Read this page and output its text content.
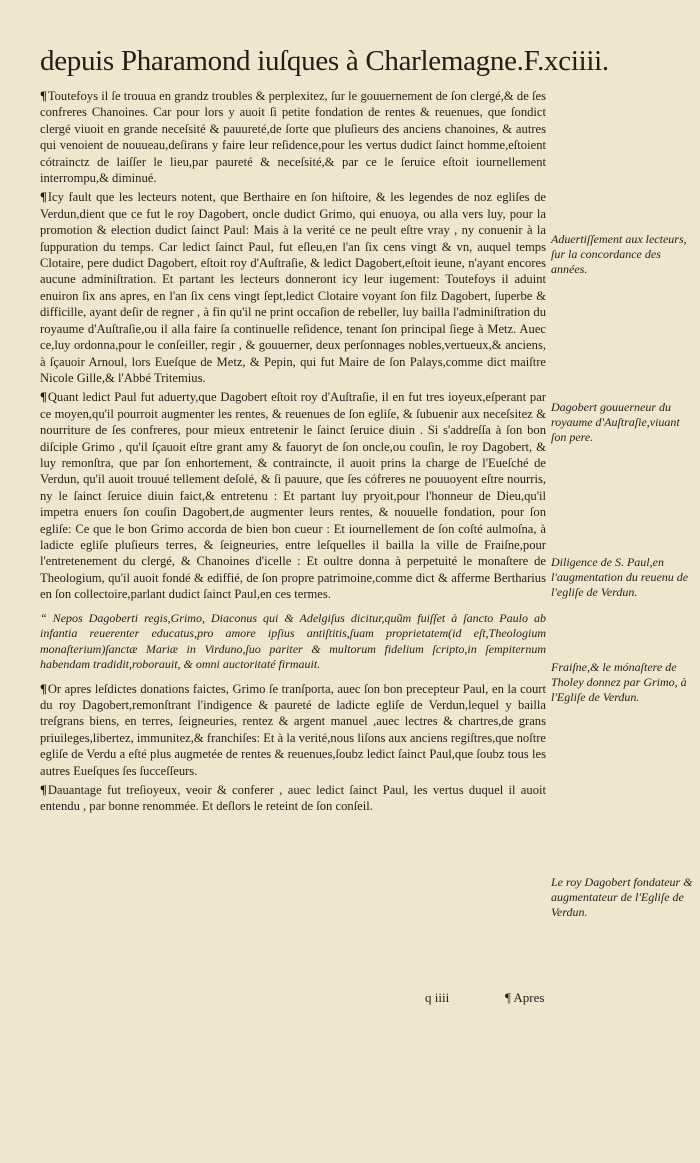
depuis Pharamond iuſques à Charlemagne.F.xciiii.

¶Toutefoys il ſe trouua en grandz troubles & perplexitez, ſur le gouuernement de ſon clergé,& de ſes confreres Chanoines. Car pour lors y auoit ſi petite fondation de rentes & reuenues, que ſondict clergé viuoit en grande neceſsité & pauureté,de ſorte que pluſieurs des anciens chanoines, & autres qui venoient de nouueau,deſirans y faire leur reſidence,pour les vertus dudict ſainct homme,eſtoient cótrainctz de laiſſer le lieu,par paureté & neceſsité,& par ce le ſeruice eſtoit iournellement interrompu,& diminué.

¶Icy fault que les lecteurs notent, que Berthaire en ſon hiſtoire, & les legendes de noz egliſes de Verdun,dient que ce fut le roy Dagobert, oncle dudict Grimo, qui enuoya, ou alla vers luy, pour la promotion & election dudict ſainct Paul: Mais à la verité ce ne peult eſtre vray , ny conuenir à la ſuppuration du temps. Car ledict ſainct Paul, fut eſleu,en l'an ſix cens vingt & vn, auquel temps Clotaire, pere dudict Dagobert, eſtoit roy d'Auſtraſie, & ledict Dagobert,eſtoit ieune, n'ayant encores aucune adminiſtration. Et partant les lecteurs donneront icy leur iugement: Toutefoys il aduint enuiron ſix ans apres, en l'an ſix cens vingt ſept,ledict Clotaire voyant ſon filz Dagobert, ſuperbe & difficille, ayant deſir de regner , à fin qu'il ne print occaſion de rebeller, luy bailla l'adminiſtration du royaume d'Auſtraſie,ou il alla faire ſa continuelle reſidence, tenant ſon principal ſiege à Metz. Auec ce,luy ordonna,pour le conſeiller, regir , & gouuerner, deux perſonnages nobles,vertueux,& anciens, à ſçauoir Arnoul, lors Eueſque de Metz, & Pepin, qui fut Maire de ſon Palays,comme dict maiſtre Nicole Gille,& l'Abbé Tritemius.

¶Quant ledict Paul fut aduerty,que Dagobert eſtoit roy d'Auſtraſie, il en fut tres ioyeux,eſperant par ce moyen,qu'il pourroit augmenter les rentes, & reuenues de ſon egliſe, & ſubuenir aux neceſsitez & nourriture de ſes confreres, pour mieux entretenir le ſainct ſeruice diuin . Si s'addreſſa à ſon bon diſciple Grimo , qu'il ſçauoit eſtre grant amy & fauoryt de ſon oncle,ou couſin, le roy Dagobert, & luy remonſtra, que par ſon enhortement, & contraincte, il auoit prins la charge de l'Eueſché de Verdun, qu'il auoit trouué tellement deſolé, & ſi pauure, que ſes cófreres ne pouuoyent eſtre nourris, ny le ſainct ſeruice diuin faict,& entretenu : Et partant luy pryoit,pour l'honneur de Dieu,qu'il impetra enuers ſon couſin Dagobert,de augmenter leurs rentes, & nouuelle fondation, pour ſon egliſe: Ce que le bon Grimo accorda de bien bon cueur : Et iournellement de ſon coſté aulmoſna, à ladicte egliſe pluſieurs terres, & ſeigneuries, entre leſquelles il bailla la ville de Fraiſne,pour l'entretenement du clergé, & Chanoines d'icelle : Et oultre donna à perpetuité le monaſtere de Theologium, qu'il auoit fondé & ediffié, de ſon propre patrimoine,comme dict & afferme Bertharius en ſon collectoire,parlant dudict ſainct Paul,en ces termes.

“ Nepos Dagoberti regis,Grimo, Diaconus qui & Adelgiſus dicitur,quũm fuiſſet à ſancto Paulo ab infantia reuerenter educatus,pro amore ipſius antiſtitis,ſuam proprietatem(id eſt,Theologium monaſterium)ſanctæ Mariæ in Virduno,ſuo pariter & multorum fidelium ſcripto,in ſempiternum habendam tradidit,roborauit, & omni auctoritaté firmauit.

¶Or apres leſdictes donations faictes, Grimo ſe tranſporta, auec ſon bon precepteur Paul, en la court du roy Dagobert,remonſtrant l'indigence & paureté de ladicte egliſe de Verdun,lequel y bailla treſgrans biens, en terres, ſeigneuries, rentez & argent manuel ,auec lectres & chartres,de grans priuileges,libertez, immunitez,& franchiſes: Et à la verité,nous liſons aux anciens regiſtres,que noſtre egliſe de Verdu a eſté plus augmetée de rentes & reuenues,ſoubz ledict ſainct Paul,que ſoubz tous les autres Eueſques ſes ſucceſſeurs.

¶Dauantage fut treſioyeux, veoir & conferer , auec ledict ſainct Paul, les vertus duquel il auoit entendu , par bonne renommée. Et deſlors le reteint de ſon conſeil.

Aduertiſſement aux lecteurs, ſur la concordance des années.
Dagobert gouuerneur du royaume d'Auſtraſie,viuant ſon pere.
Diligence de S. Paul,en l'augmentation du reuenu de l'egliſe de Verdun.
Fraiſne,& le mónaſtere de Tholey donnez par Grimo, à l'Egliſe de Verdun.
Le roy Dagobert fondateur & augmentateur de l'Egliſe de Verdun.
q iiii	¶ Apres
